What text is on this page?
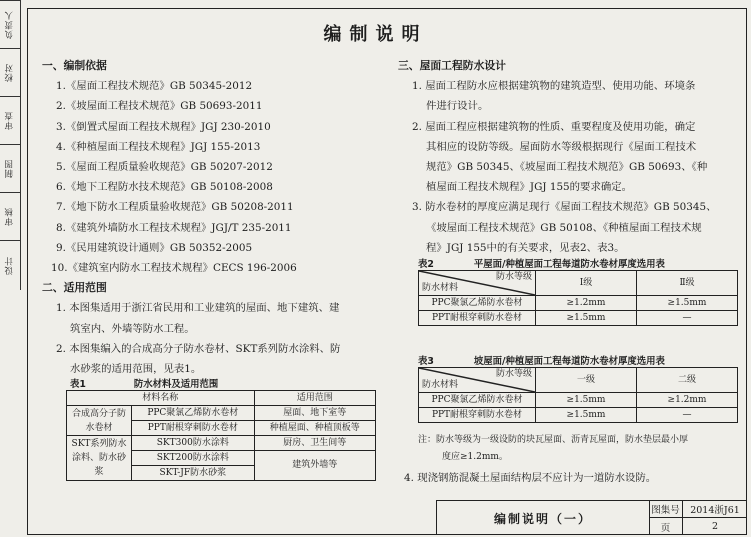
负责人
校对
审查
制图
审核
设计
编制说明
一、编制依据
1.《屋面工程技术规范》GB 50345-2012
2.《坡屋面工程技术规范》GB 50693-2011
3.《倒置式屋面工程技术规程》JGJ 230-2010
4.《种植屋面工程技术规程》JGJ 155-2013
5.《屋面工程质量验收规范》GB 50207-2012
6.《地下工程防水技术规范》GB 50108-2008
7.《地下防水工程质量验收规范》GB 50208-2011
8.《建筑外墙防水工程技术规程》JGJ/T 235-2011
9.《民用建筑设计通则》GB 50352-2005
10.《建筑室内防水工程技术规程》CECS 196-2006
二、适用范围
1. 本图集适用于浙江省民用和工业建筑的屋面、地下建筑、建
筑室内、外墙等防水工程。
2. 本图集编入的合成高分子防水卷材、SKT系列防水涂料、防
水砂浆的适用范围，见表1。
表1	防水材料及适用范围
材料名称		适用范围
合成高分子防水卷材	PPC聚氯乙烯防水卷材	屋面、地下室等
	PPT耐根穿刺防水卷材	种植屋面、种植顶板等
SKT系列防水涂料、防水砂浆	SKT300防水涂料	厨房、卫生间等
	SKT200防水涂料	建筑外墙等
	SKT-JF防水砂浆	
三、屋面工程防水设计
1. 屋面工程防水应根据建筑物的建筑造型、使用功能、环境条
件进行设计。
2. 屋面工程应根据建筑物的性质、重要程度及使用功能，确定
其相应的设防等级。屋面防水等级根据现行《屋面工程技术
规范》GB 50345、《坡屋面工程技术规范》GB 50693、《种
植屋面工程技术规程》JGJ 155的要求确定。
3. 防水卷材的厚度应满足现行《屋面工程技术规范》GB 50345、
《坡屋面工程技术规范》GB 50108、《种植屋面工程技术规
程》JGJ 155中的有关要求，见表2、表3。
表2	平屋面/种植屋面工程每道防水卷材厚度选用表
防水等级
防水材料	Ⅰ级	Ⅱ级
PPC聚氯乙烯防水卷材	≥1.2mm	≥1.5mm
PPT耐根穿刺防水卷材	≥1.5mm	—
表3	坡屋面/种植屋面工程每道防水卷材厚度选用表
防水等级
防水材料	一级	二级
PPC聚氯乙烯防水卷材	≥1.5mm	≥1.2mm
PPT耐根穿刺防水卷材	≥1.5mm	—
注：防水等级为一级设防的块瓦屋面、沥青瓦屋面，防水垫层最小厚
度应≥1.2mm。
4. 现浇钢筋混凝土屋面结构层不应计为一道防水设防。
编制说明（一）
图集号	2014浙J61
页	2
